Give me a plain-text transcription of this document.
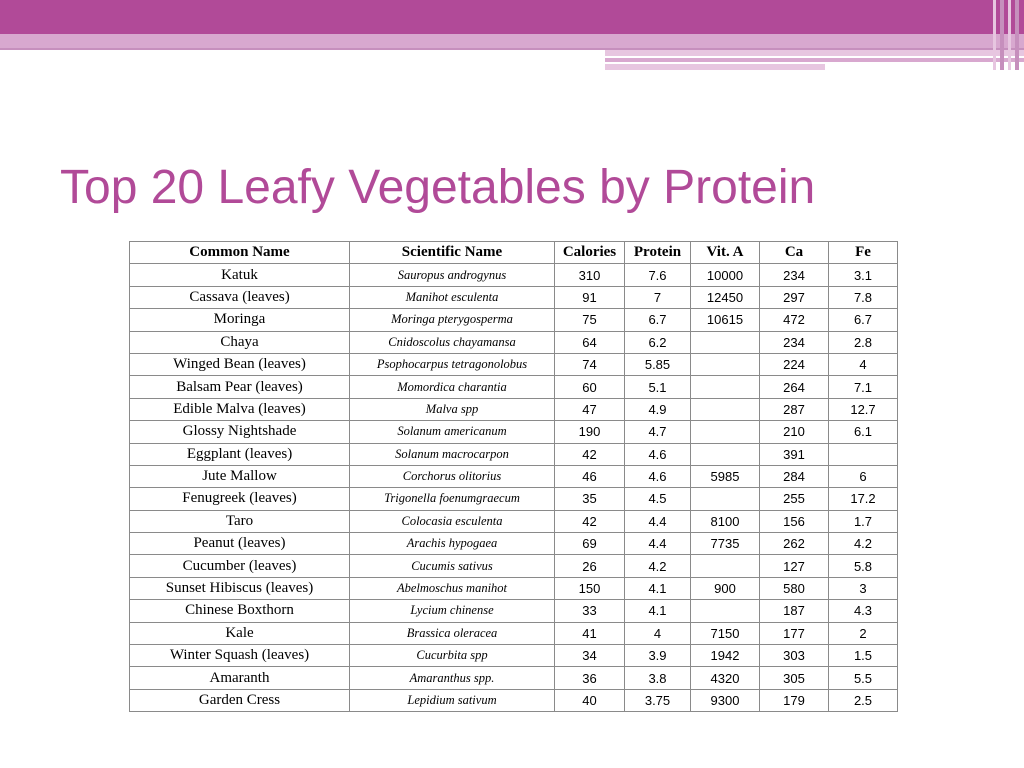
Top 20 Leafy Vegetables by Protein
Common Name	Scientific Name	Calories	Protein	Vit. A	Ca	Fe
Katuk	Sauropus androgynus	310	7.6	10000	234	3.1
Cassava (leaves)	Manihot esculenta	91	7	12450	297	7.8
Moringa	Moringa pterygosperma	75	6.7	10615	472	6.7
Chaya	Cnidoscolus chayamansa	64	6.2		234	2.8
Winged Bean (leaves)	Psophocarpus tetragonolobus	74	5.85		224	4
Balsam Pear (leaves)	Momordica charantia	60	5.1		264	7.1
Edible Malva (leaves)	Malva spp	47	4.9		287	12.7
Glossy Nightshade	Solanum americanum	190	4.7		210	6.1
Eggplant (leaves)	Solanum macrocarpon	42	4.6		391	
Jute Mallow	Corchorus olitorius	46	4.6	5985	284	6
Fenugreek (leaves)	Trigonella foenumgraecum	35	4.5		255	17.2
Taro	Colocasia esculenta	42	4.4	8100	156	1.7
Peanut (leaves)	Arachis hypogaea	69	4.4	7735	262	4.2
Cucumber (leaves)	Cucumis sativus	26	4.2		127	5.8
Sunset Hibiscus (leaves)	Abelmoschus manihot	150	4.1	900	580	3
Chinese Boxthorn	Lycium chinense	33	4.1		187	4.3
Kale	Brassica oleracea	41	4	7150	177	2
Winter Squash (leaves)	Cucurbita spp	34	3.9	1942	303	1.5
Amaranth	Amaranthus spp.	36	3.8	4320	305	5.5
Garden Cress	Lepidium sativum	40	3.75	9300	179	2.5
